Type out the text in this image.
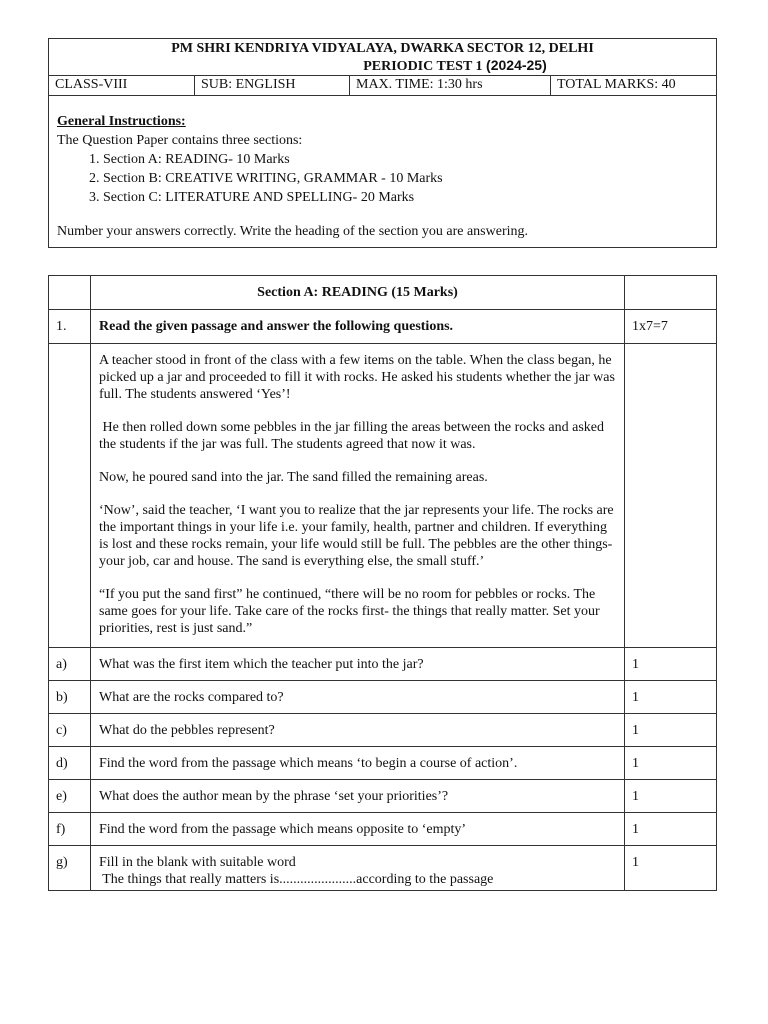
PM SHRI KENDRIYA VIDYALAYA, DWARKA SECTOR 12, DELHI
PERIODIC TEST 1 (2024-25)

CLASS-VIII	SUB: ENGLISH	MAX. TIME: 1:30 hrs	TOTAL MARKS: 40

General Instructions:
The Question Paper contains three sections:
1. Section A: READING- 10 Marks
2. Section B: CREATIVE WRITING, GRAMMAR - 10 Marks
3. Section C: LITERATURE AND SPELLING- 20 Marks
Number your answers correctly. Write the heading of the section you are answering.
	Section A: READING (15 Marks)	
1.	Read the given passage and answer the following questions.	1x7=7

	A teacher stood in front of the class with a few items on the table. When the class began, he picked up a jar and proceeded to fill it with rocks. He asked his students whether the jar was full. The students answered ‘Yes’!

He then rolled down some pebbles in the jar filling the areas between the rocks and asked the students if the jar was full. The students agreed that now it was.

Now, he poured sand into the jar. The sand filled the remaining areas.

‘Now’, said the teacher, ‘I want you to realize that the jar represents your life. The rocks are the important things in your life i.e. your family, health, partner and children. If everything is lost and these rocks remain, your life would still be full. The pebbles are the other things- your job, car and house. The sand is everything else, the small stuff.’

“If you put the sand first” he continued, “there will be no room for pebbles or rocks. The same goes for your life. Take care of the rocks first- the things that really matter. Set your priorities, rest is just sand.”	

a)	What was the first item which the teacher put into the jar?	1
b)	What are the rocks compared to?	1
c)	What do the pebbles represent?	1
d)	Find the word from the passage which means ‘to begin a course of action’.	1
e)	What does the author mean by the phrase ‘set your priorities’?	1
f)	Find the word from the passage which means opposite to ‘empty’	1
g)	Fill in the blank with suitable word
The things that really matters is......................according to the passage	1
